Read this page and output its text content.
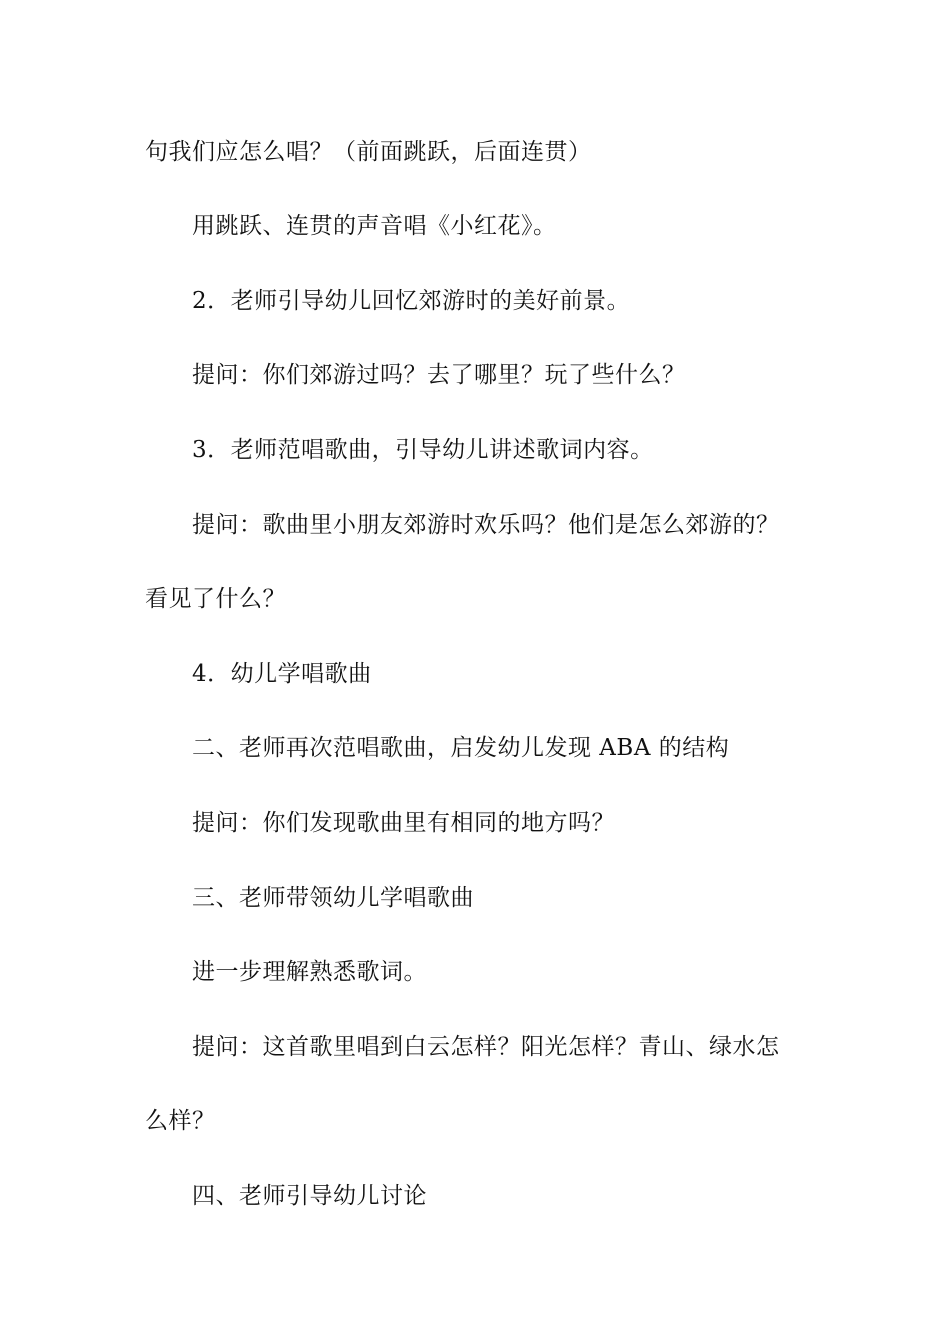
句我们应怎么唱？（前面跳跃，后面连贯）
用跳跃、连贯的声音唱《小红花》。
2．老师引导幼儿回忆郊游时的美好前景。
提问：你们郊游过吗？去了哪里？玩了些什么？
3．老师范唱歌曲，引导幼儿讲述歌词内容。
提问：歌曲里小朋友郊游时欢乐吗？他们是怎么郊游的？
看见了什么？
4．幼儿学唱歌曲
二、老师再次范唱歌曲，启发幼儿发现 ABA 的结构
提问：你们发现歌曲里有相同的地方吗？
三、老师带领幼儿学唱歌曲
进一步理解熟悉歌词。
提问：这首歌里唱到白云怎样？阳光怎样？青山、绿水怎
么样？
四、老师引导幼儿讨论
